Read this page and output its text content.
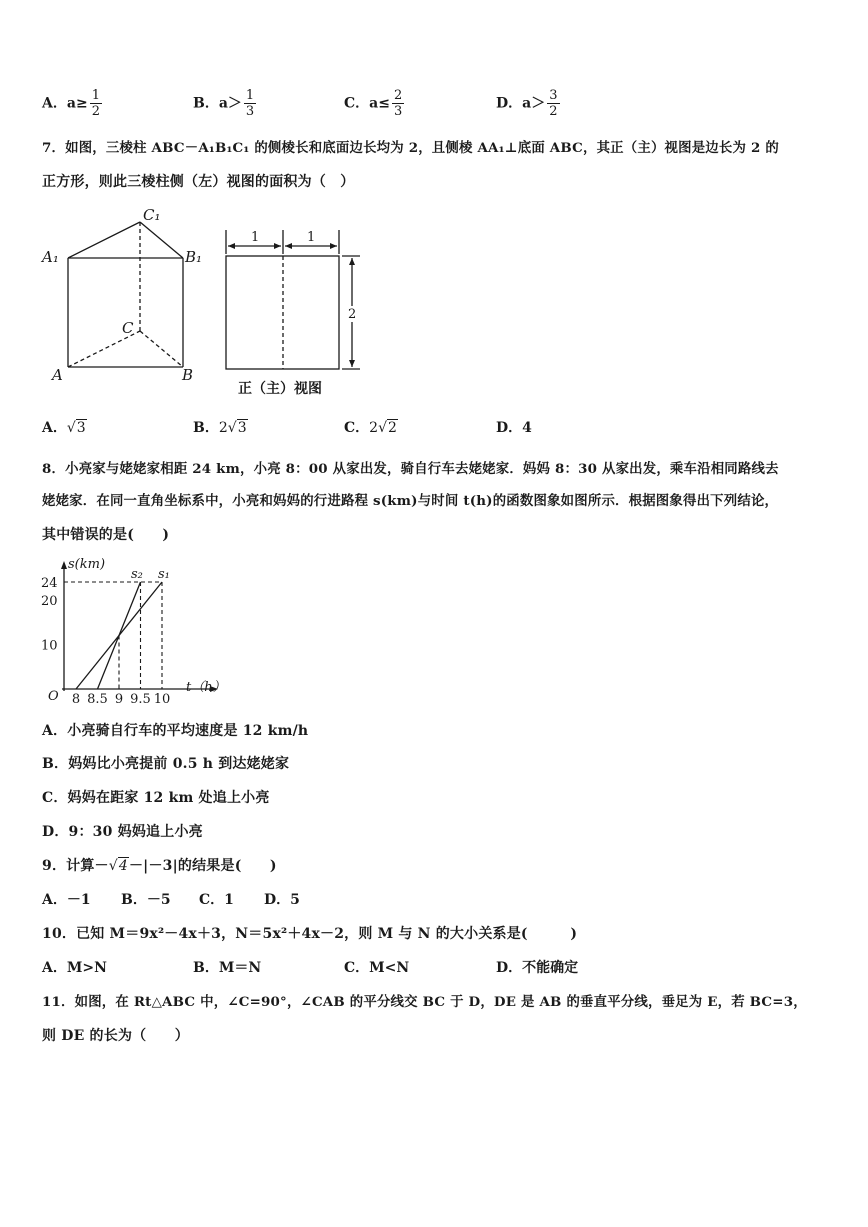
A．$a\ge \frac{1}{2}$	B．$a> \frac{1}{3}$	C．$a\le \frac{2}{3}$	D．$a> \frac{3}{2}$
7．如图，三棱柱 ABC－A₁B₁C₁ 的侧棱长和底面边长均为 2，且侧棱 AA₁⊥底面 ABC，其正（主）视图是边长为 2 的
正方形，则此三棱柱侧（左）视图的面积为（　）
C₁
A₁	B₁
C
A	B
1	1
2
正（主）视图
A．√3	B．2√3	C．2√2	D．4
8．小亮家与姥姥家相距 24 km，小亮 8：00 从家出发，骑自行车去姥姥家．妈妈 8：30 从家出发，乘车沿相同路线去
姥姥家．在同一直角坐标系中，小亮和妈妈的行进路程 s(km)与时间 t(h)的函数图象如图所示．根据图象得出下列结论，
其中错误的是(　　)
10
20
24
8 8.5 9 9.5 10
s(km)
t（h）
O
s₂ s₁
A．小亮骑自行车的平均速度是 12 km/h
B．妈妈比小亮提前 0.5 h 到达姥姥家
C．妈妈在距家 12 km 处追上小亮
D．9：30 妈妈追上小亮
9．计算－√4－|－3|的结果是(　　)
A．－1 B．－5 C．1 D．5
10．已知 M＝9x²－4x＋3，N＝5x²＋4x－2，则 M 与 N 的大小关系是(　　　)
A．M>N	B．M＝N	C．M<N	D．不能确定
11．如图，在 Rt△ABC 中，∠C=90°，∠CAB 的平分线交 BC 于 D，DE 是 AB 的垂直平分线，垂足为 E，若 BC=3，
则 DE 的长为（　　）
